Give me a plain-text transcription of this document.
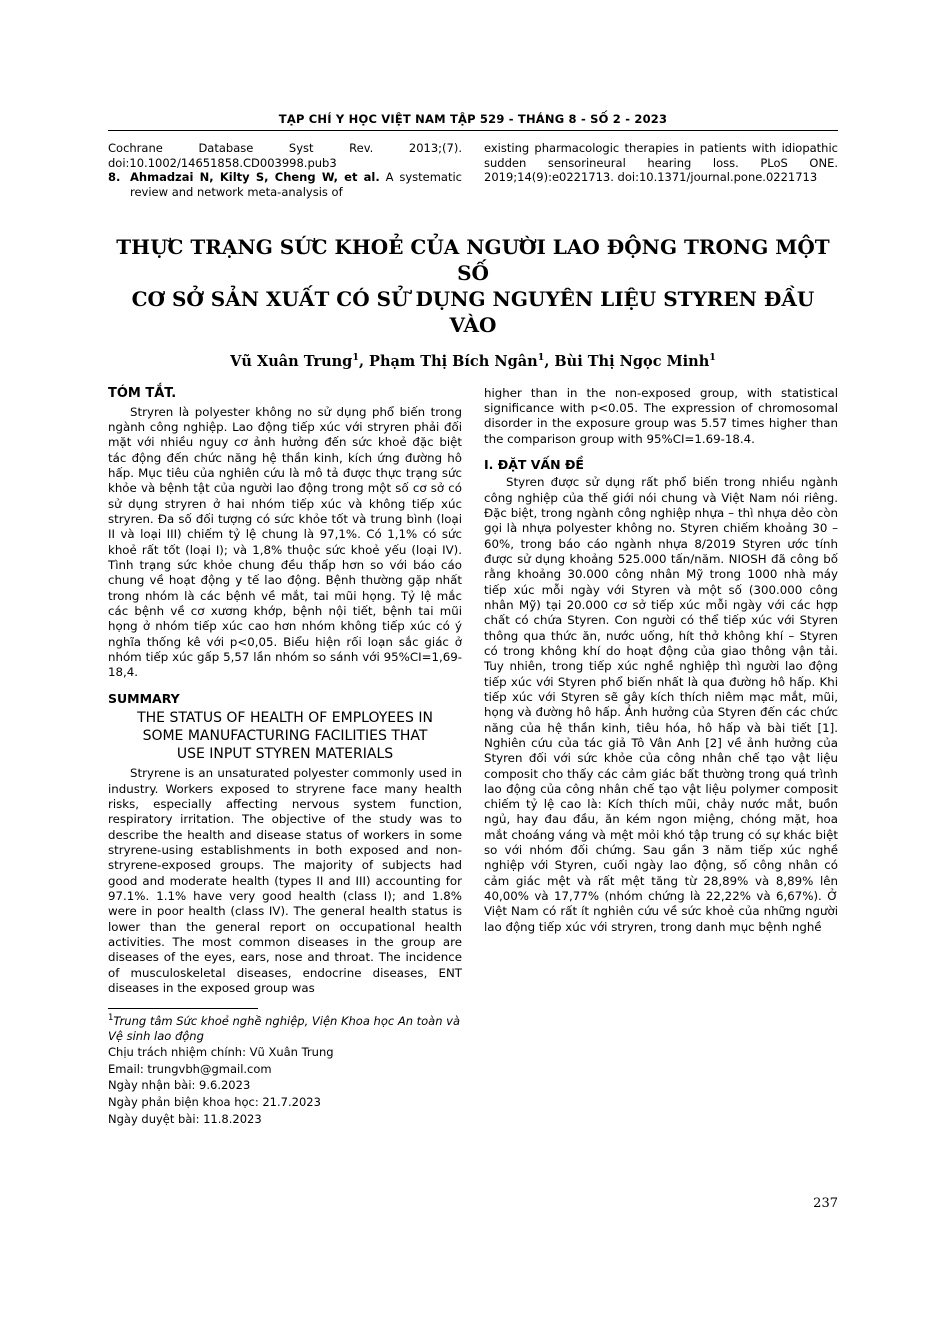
TẠP CHÍ Y HỌC VIỆT NAM TẬP 529 - THÁNG 8 - SỐ 2 - 2023
Cochrane Database Syst Rev. 2013;(7). doi:10.1002/14651858.CD003998.pub3
8. Ahmadzai N, Kilty S, Cheng W, et al. A systematic review and network meta-analysis of
existing pharmacologic therapies in patients with idiopathic sudden sensorineural hearing loss. PLoS ONE. 2019;14(9):e0221713. doi:10.1371/journal.pone.0221713
THỰC TRẠNG SỨC KHOẺ CỦA NGƯỜI LAO ĐỘNG TRONG MỘT SỐ
CƠ SỞ SẢN XUẤT CÓ SỬ DỤNG NGUYÊN LIỆU STYREN ĐẦU VÀO
Vũ Xuân Trung$^1$, Phạm Thị Bích Ngân$^1$, Bùi Thị Ngọc Minh$^1$
TÓM TẮT.

Stryren là polyester không no sử dụng phổ biến trong ngành công nghiệp. Lao động tiếp xúc với stryren phải đối mặt với nhiều nguy cơ ảnh hưởng đến sức khoẻ đặc biệt tác động đến chức năng hệ thần kinh, kích ứng đường hô hấp. Mục tiêu của nghiên cứu là mô tả được thực trạng sức khỏe và bệnh tật của người lao động trong một số cơ sở có sử dụng stryren ở hai nhóm tiếp xúc và không tiếp xúc stryren. Đa số đối tượng có sức khỏe tốt và trung bình (loại II và loại III) chiếm tỷ lệ chung là 97,1%. Có 1,1% có sức khoẻ rất tốt (loại I); và 1,8% thuộc sức khoẻ yếu (loại IV). Tình trạng sức khỏe chung đều thấp hơn so với báo cáo chung về hoạt động y tế lao động. Bệnh thường gặp nhất trong nhóm là các bệnh về mắt, tai mũi họng. Tỷ lệ mắc các bệnh về cơ xương khớp, bệnh nội tiết, bệnh tai mũi họng ở nhóm tiếp xúc cao hơn nhóm không tiếp xúc có ý nghĩa thống kê với p<0,05. Biểu hiện rối loạn sắc giác ở nhóm tiếp xúc gấp 5,57 lần nhóm so sánh với 95%CI=1,69-18,4.

SUMMARY
THE STATUS OF HEALTH OF EMPLOYEES IN
SOME MANUFACTURING FACILITIES THAT
USE INPUT STYREN MATERIALS

Stryrene is an unsaturated polyester commonly used in industry. Workers exposed to stryrene face many health risks, especially affecting nervous system function, respiratory irritation. The objective of the study was to describe the health and disease status of workers in some stryrene-using establishments in both exposed and non-stryrene-exposed groups. The majority of subjects had good and moderate health (types II and III) accounting for 97.1%. 1.1% have very good health (class I); and 1.8% were in poor health (class IV). The general health status is lower than the general report on occupational health activities. The most common diseases in the group are diseases of the eyes, ears, nose and throat. The incidence of musculoskeletal diseases, endocrine diseases, ENT diseases in the exposed group was

$^1$Trung tâm Sức khoẻ nghề nghiệp, Viện Khoa học An toàn và Vệ sinh lao động
Chịu trách nhiệm chính: Vũ Xuân Trung
Email: trungvbh@gmail.com
Ngày nhận bài: 9.6.2023
Ngày phản biện khoa học: 21.7.2023
Ngày duyệt bài: 11.8.2023

higher than in the non-exposed group, with statistical significance with p<0.05. The expression of chromosomal disorder in the exposure group was 5.57 times higher than the comparison group with 95%CI=1.69-18.4.

I. ĐẶT VẤN ĐỀ

Styren được sử dụng rất phổ biến trong nhiều ngành công nghiệp của thế giới nói chung và Việt Nam nói riêng. Đặc biệt, trong ngành công nghiệp nhựa – thì nhựa dẻo còn gọi là nhựa polyester không no. Styren chiếm khoảng 30 – 60%, trong báo cáo ngành nhựa 8/2019 Styren ước tính được sử dụng khoảng 525.000 tấn/năm. NIOSH đã công bố rằng khoảng 30.000 công nhân Mỹ trong 1000 nhà máy tiếp xúc mỗi ngày với Styren và một số (300.000 công nhân Mỹ) tại 20.000 cơ sở tiếp xúc mỗi ngày với các hợp chất có chứa Styren. Con người có thể tiếp xúc với Styren thông qua thức ăn, nước uống, hít thở không khí – Styren có trong không khí do hoạt động của giao thông vận tải. Tuy nhiên, trong tiếp xúc nghề nghiệp thì người lao động tiếp xúc với Styren phổ biến nhất là qua đường hô hấp. Khi tiếp xúc với Styren sẽ gây kích thích niêm mạc mắt, mũi, họng và đường hô hấp. Ảnh hưởng của Styren đến các chức năng của hệ thần kinh, tiêu hóa, hô hấp và bài tiết [1]. Nghiên cứu của tác giả Tô Vân Anh [2] về ảnh hưởng của Styren đối với sức khỏe của công nhân chế tạo vật liệu composit cho thấy các cảm giác bất thường trong quá trình lao động của công nhân chế tạo vật liệu polymer composit chiếm tỷ lệ cao là: Kích thích mũi, chảy nước mắt, buồn ngủ, hay đau đầu, ăn kém ngon miệng, chóng mặt, hoa mắt choáng váng và mệt mỏi khó tập trung có sự khác biệt so với nhóm đối chứng. Sau gần 3 năm tiếp xúc nghề nghiệp với Styren, cuối ngày lao động, số công nhân có cảm giác mệt và rất mệt tăng từ 28,89% và 8,89% lên 40,00% và 17,77% (nhóm chứng là 22,22% và 6,67%). Ở Việt Nam có rất ít nghiên cứu về sức khoẻ của những người lao động tiếp xúc với stryren, trong danh mục bệnh nghề

237
